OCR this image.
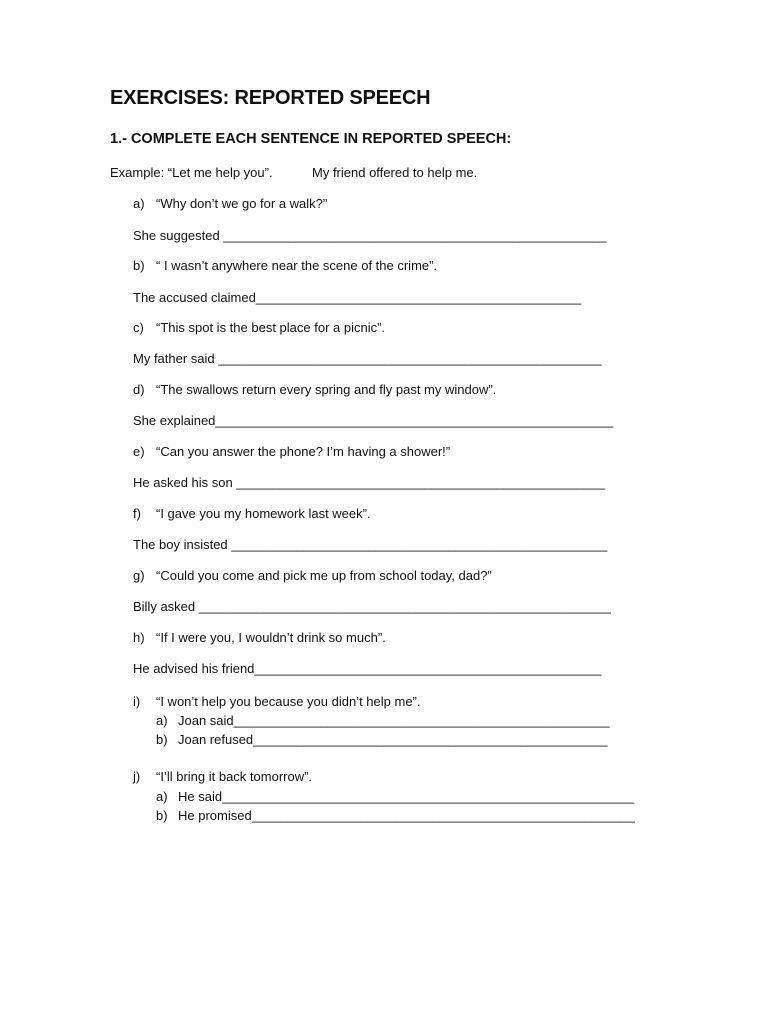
EXERCISES: REPORTED SPEECH
1.- COMPLETE EACH SENTENCE IN REPORTED SPEECH:
Example: “Let me help you”.	My friend offered to help me.
a) “Why don’t we go for a walk?”
She suggested _____________________________________________________
b) “ I wasn’t anywhere near the scene of the crime”.
The accused claimed_____________________________________________
c) “This spot is the best place for a picnic”.
My father said _____________________________________________________
d) “The swallows return every spring and fly past my window”.
She explained_______________________________________________________
e) “Can you answer the phone? I’m having a shower!”
He asked his son ___________________________________________________
f) “I gave you my homework last week”.
The boy insisted ____________________________________________________
g) “Could you come and pick me up from school today, dad?”
Billy asked _________________________________________________________
h) “If I were you, I wouldn’t drink so much”.
He advised his friend________________________________________________
i) “I won’t help you because you didn’t help me”.
a) Joan said____________________________________________________
b) Joan refused_________________________________________________
j) “I’ll bring it back tomorrow”.
a) He said_________________________________________________________
b) He promised_____________________________________________________
